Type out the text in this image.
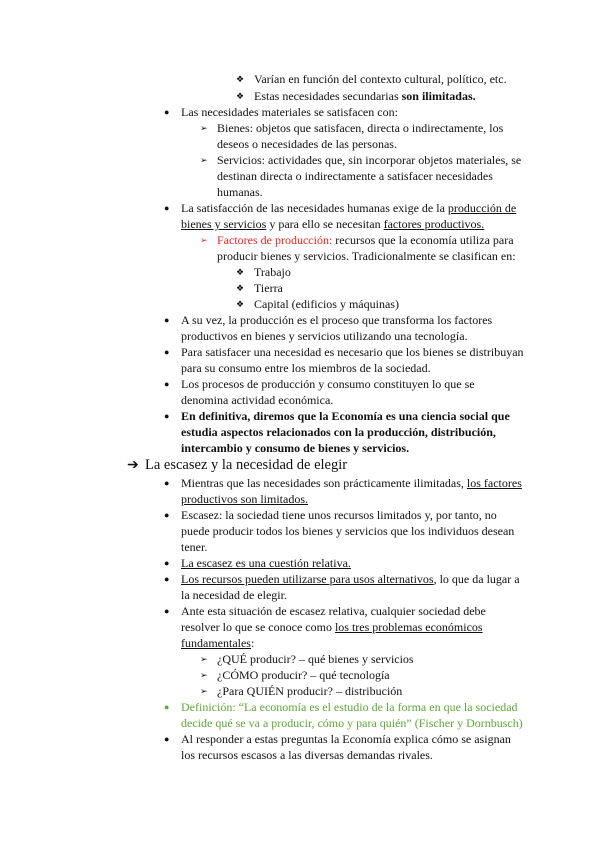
❖ Varían en función del contexto cultural, político, etc.
❖ Estas necesidades secundarias son ilimitadas.
● Las necesidades materiales se satisfacen con:
➢ Bienes: objetos que satisfacen, directa o indirectamente, los
deseos o necesidades de las personas.
➢ Servicios: actividades que, sin incorporar objetos materiales, se
destinan directa o indirectamente a satisfacer necesidades
humanas.
● La satisfacción de las necesidades humanas exige de la producción de
bienes y servicios y para ello se necesitan factores productivos.
➢ Factores de producción: recursos que la economía utiliza para
producir bienes y servicios. Tradicionalmente se clasifican en:
❖ Trabajo
❖ Tierra
❖ Capital (edificios y máquinas)
● A su vez, la producción es el proceso que transforma los factores
productivos en bienes y servicios utilizando una tecnología.
● Para satisfacer una necesidad es necesario que los bienes se distribuyan
para su consumo entre los miembros de la sociedad.
● Los procesos de producción y consumo constituyen lo que se
denomina actividad económica.
● En definitiva, diremos que la Economía es una ciencia social que
estudia aspectos relacionados con la producción, distribución,
intercambio y consumo de bienes y servicios.
➔ La escasez y la necesidad de elegir
● Mientras que las necesidades son prácticamente ilimitadas, los factores
productivos son limitados.
● Escasez: la sociedad tiene unos recursos limitados y, por tanto, no
puede producir todos los bienes y servicios que los individuos desean
tener.
● La escasez es una cuestión relativa.
● Los recursos pueden utilizarse para usos alternativos, lo que da lugar a
la necesidad de elegir.
● Ante esta situación de escasez relativa, cualquier sociedad debe
resolver lo que se conoce como los tres problemas económicos
fundamentales:
➢ ¿QUÉ producir? – qué bienes y servicios
➢ ¿CÓMO producir? – qué tecnología
➢ ¿Para QUIÉN producir? – distribución
● Definición: “La economía es el estudio de la forma en que la sociedad
decide qué se va a producir, cómo y para quién” (Fischer y Dornbusch)
● Al responder a estas preguntas la Economía explica cómo se asignan
los recursos escasos a las diversas demandas rivales.
